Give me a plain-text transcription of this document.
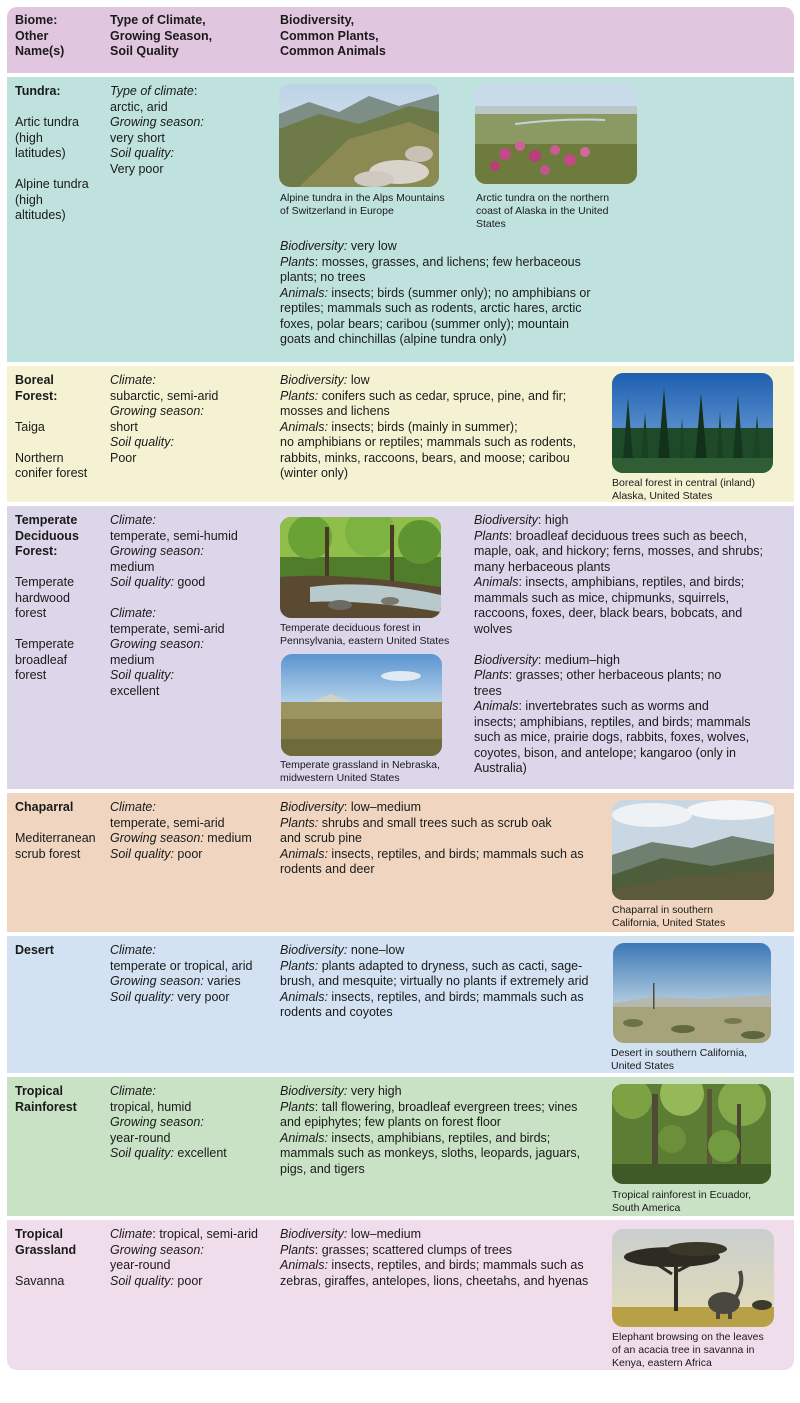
Biome:
Other
Name(s)
Type of Climate,
Growing Season,
Soil Quality
Biodiversity,
Common Plants,
Common Animals
Tundra:
Artic tundra
(high
latitudes)
Alpine tundra
(high
altitudes)
Type of climate:
arctic, arid
Growing season:
very short
Soil quality:
Very poor
Alpine tundra in the Alps Mountains
of Switzerland in Europe
Arctic tundra on the northern
coast of Alaska in the United
States
Biodiversity: very low
Plants: mosses, grasses, and lichens; few herbaceous
plants; no trees
Animals: insects; birds (summer only); no amphibians or
reptiles; mammals such as rodents, arctic hares, arctic
foxes, polar bears; caribou (summer only); mountain
goats and chinchillas (alpine tundra only)
Boreal
Forest:
Taiga
Northern
conifer forest
Climate:
subarctic, semi-arid
Growing season:
short
Soil quality:
Poor
Biodiversity: low
Plants: conifers such as cedar, spruce, pine, and fir;
mosses and lichens
Animals: insects; birds (mainly in summer);
no amphibians or reptiles; mammals such as rodents,
rabbits, minks, raccoons, bears, and moose; caribou
(winter only)
Boreal forest in central (inland)
Alaska, United States
Temperate
Deciduous
Forest:
Temperate
hardwood
forest
Temperate
broadleaf
forest
Climate:
temperate, semi-humid
Growing season:
medium
Soil quality: good
Climate:
temperate, semi-arid
Growing season:
medium
Soil quality:
excellent
Temperate deciduous forest in
Pennsylvania, eastern United States
Temperate grassland in Nebraska,
midwestern United States
Biodiversity: high
Plants: broadleaf deciduous trees such as beech,
maple, oak, and hickory; ferns, mosses, and shrubs;
many herbaceous plants
Animals: insects, amphibians, reptiles, and birds;
mammals such as mice, chipmunks, squirrels,
raccoons, foxes, deer, black bears, bobcats, and
wolves
Biodiversity: medium–high
Plants: grasses; other herbaceous plants; no
trees
Animals: invertebrates such as worms and
insects; amphibians, reptiles, and birds; mammals
such as mice, prairie dogs, rabbits, foxes, wolves,
coyotes, bison, and antelope; kangaroo (only in
Australia)
Chaparral
Mediterranean
scrub forest
Climate:
temperate, semi-arid
Growing season: medium
Soil quality: poor
Biodiversity: low–medium
Plants: shrubs and small trees such as scrub oak
and scrub pine
Animals: insects, reptiles, and birds; mammals such as
rodents and deer
Chaparral in southern
California, United States
Desert	Climate:
temperate or tropical, arid
Growing season: varies
Soil quality: very poor
Biodiversity: none–low
Plants: plants adapted to dryness, such as cacti, sage-
brush, and mesquite; virtually no plants if extremely arid
Animals: insects, reptiles, and birds; mammals such as
rodents and coyotes
Desert in southern California,
United States
Tropical
Rainforest
Climate:
tropical, humid
Growing season:
year-round
Soil quality: excellent
Biodiversity: very high
Plants: tall flowering, broadleaf evergreen trees; vines
and epiphytes; few plants on forest floor
Animals: insects, amphibians, reptiles, and birds;
mammals such as monkeys, sloths, leopards, jaguars,
pigs, and tigers
Tropical rainforest in Ecuador,
South America
Tropical
Grassland
Savanna
Climate: tropical, semi-arid
Growing season:
year-round
Soil quality: poor
Biodiversity: low–medium
Plants: grasses; scattered clumps of trees
Animals: insects, reptiles, and birds; mammals such as
zebras, giraffes, antelopes, lions, cheetahs, and hyenas
Elephant browsing on the leaves
of an acacia tree in savanna in
Kenya, eastern Africa
